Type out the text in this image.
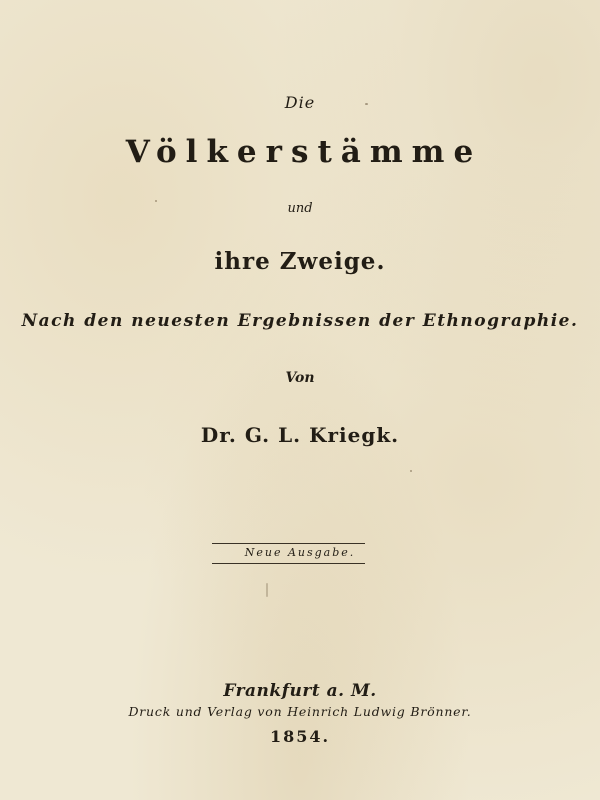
Die
Völkerstämme
und
ihre Zweige.
Nach den neuesten Ergebnissen der Ethnographie.
Von
Dr. G. L. Kriegk.
Neue Ausgabe.
Frankfurt a. M.
Druck und Verlag von Heinrich Ludwig Brönner.
1854.
